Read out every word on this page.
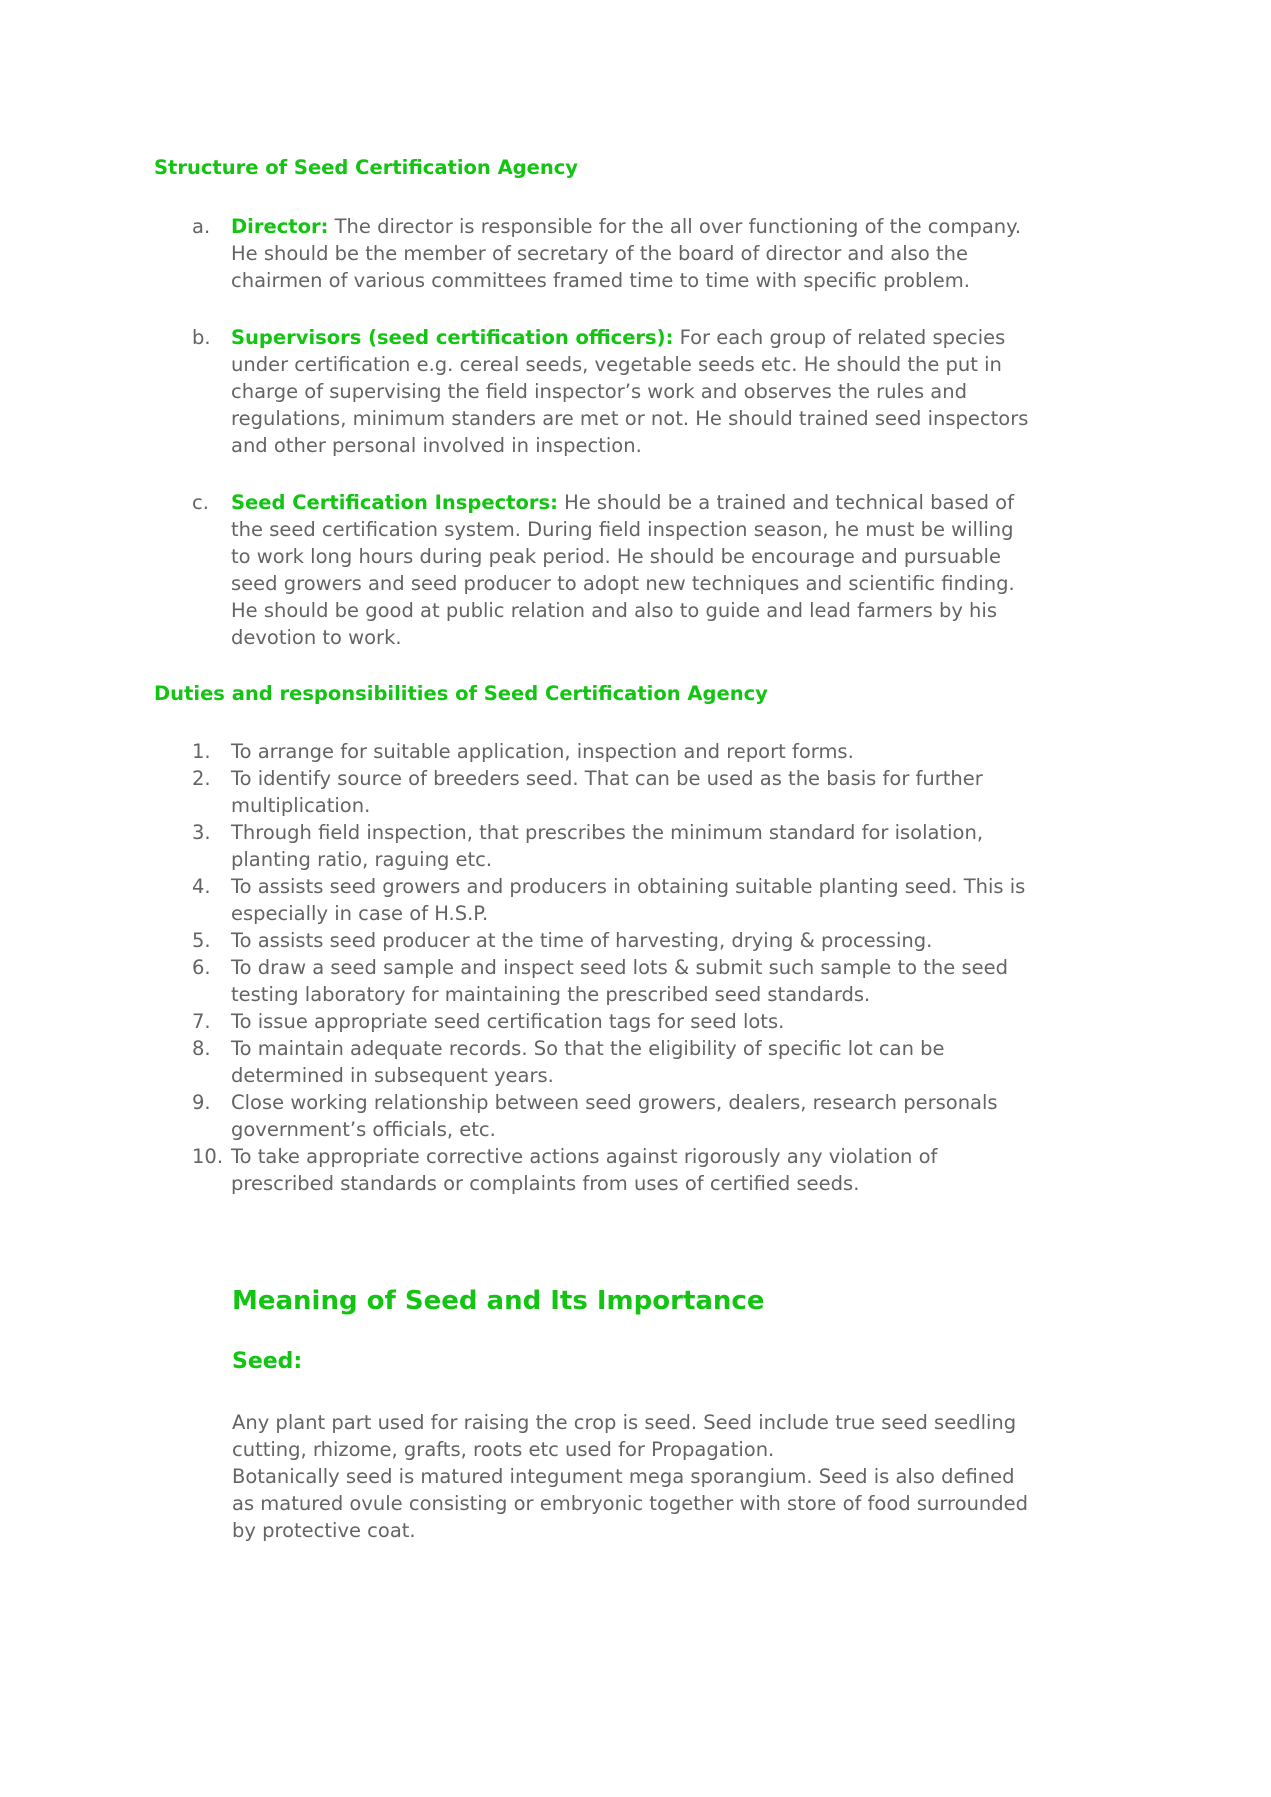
Structure of Seed Certification Agency
a. Director: The director is responsible for the all over functioning of the company.
He should be the member of secretary of the board of director and also the
chairmen of various committees framed time to time with specific problem.
b. Supervisors (seed certification officers): For each group of related species
under certification e.g. cereal seeds, vegetable seeds etc. He should the put in
charge of supervising the field inspector’s work and observes the rules and
regulations, minimum standers are met or not. He should trained seed inspectors
and other personal involved in inspection.
c. Seed Certification Inspectors: He should be a trained and technical based of
the seed certification system. During field inspection season, he must be willing
to work long hours during peak period. He should be encourage and pursuable
seed growers and seed producer to adopt new techniques and scientific finding.
He should be good at public relation and also to guide and lead farmers by his
devotion to work.
Duties and responsibilities of Seed Certification Agency
1. To arrange for suitable application, inspection and report forms.
2. To identify source of breeders seed. That can be used as the basis for further
multiplication.
3. Through field inspection, that prescribes the minimum standard for isolation,
planting ratio, raguing etc.
4. To assists seed growers and producers in obtaining suitable planting seed. This is
especially in case of H.S.P.
5. To assists seed producer at the time of harvesting, drying & processing.
6. To draw a seed sample and inspect seed lots & submit such sample to the seed
testing laboratory for maintaining the prescribed seed standards.
7. To issue appropriate seed certification tags for seed lots.
8. To maintain adequate records. So that the eligibility of specific lot can be
determined in subsequent years.
9. Close working relationship between seed growers, dealers, research personals
government’s officials, etc.
10. To take appropriate corrective actions against rigorously any violation of
prescribed standards or complaints from uses of certified seeds.
Meaning of Seed and Its Importance
Seed:
Any plant part used for raising the crop is seed. Seed include true seed seedling
cutting, rhizome, grafts, roots etc used for Propagation.
Botanically seed is matured integument mega sporangium. Seed is also defined
as matured ovule consisting or embryonic together with store of food surrounded
by protective coat.
